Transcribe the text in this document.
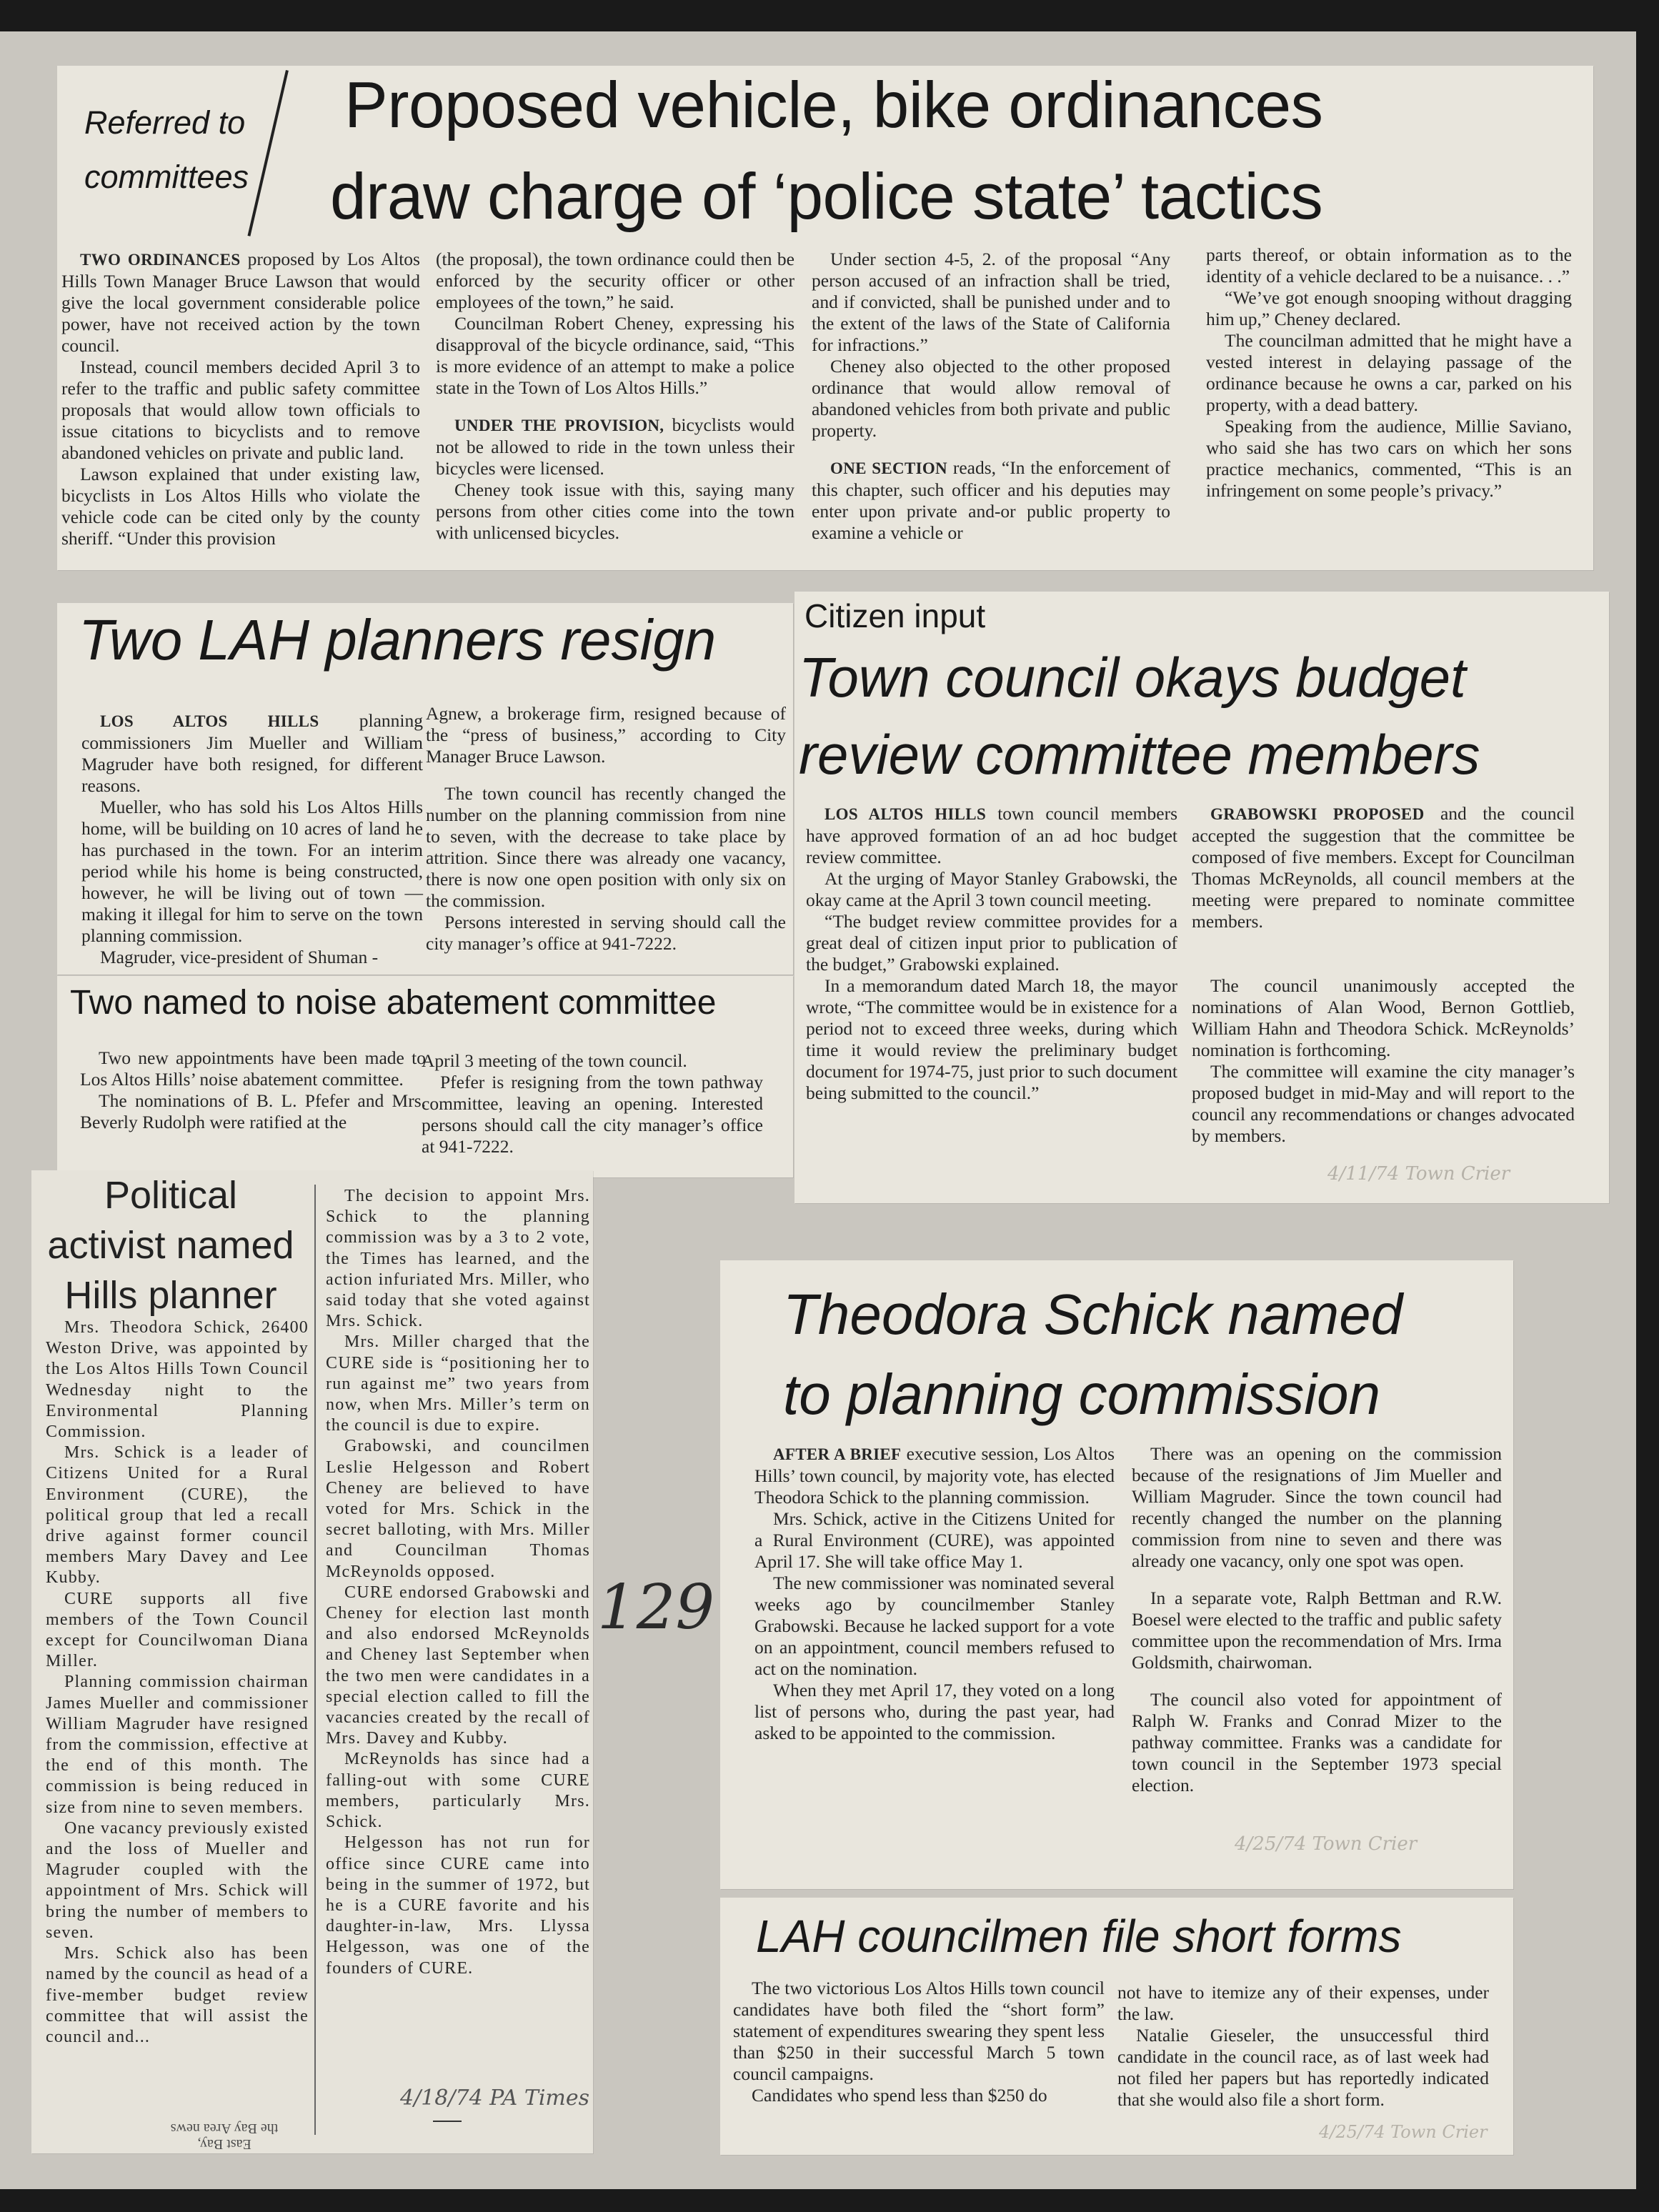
Referred to
committees
Proposed vehicle, bike ordinances
draw charge of ‘police state’ tactics

TWO ORDINANCES proposed by Los Altos Hills Town Manager Bruce Lawson that would give the local government considerable police power, have not received action by the town council.

Instead, council members decided April 3 to refer to the traffic and public safety committee proposals that would allow town officials to issue citations to bicyclists and to remove abandoned vehicles on private and public land.

Lawson explained that under existing law, bicyclists in Los Altos Hills who violate the vehicle code can be cited only by the county sheriff. “Under this provision

(the proposal), the town ordinance could then be enforced by the security officer or other employees of the town,” he said.

Councilman Robert Cheney, expressing his disapproval of the bicycle ordinance, said, “This is more evidence of an attempt to make a police state in the Town of Los Altos Hills.”

UNDER THE PROVISION, bicyclists would not be allowed to ride in the town unless their bicycles were licensed.

Cheney took issue with this, saying many persons from other cities come into the town with unlicensed bicycles.

Under section 4-5, 2. of the proposal “Any person accused of an infraction shall be tried, and if convicted, shall be punished under and to the extent of the laws of the State of California for infractions.”

Cheney also objected to the other proposed ordinance that would allow removal of abandoned vehicles from both private and public property.

ONE SECTION reads, “In the enforcement of this chapter, such officer and his deputies may enter upon private and-or public property to examine a vehicle or

parts thereof, or obtain information as to the identity of a vehicle declared to be a nuisance. . .”

“We’ve got enough snooping without dragging him up,” Cheney declared.

The councilman admitted that he might have a vested interest in delaying passage of the ordinance because he owns a car, parked on his property, with a dead battery.

Speaking from the audience, Millie Saviano, who said she has two cars on which her sons practice mechanics, commented, “This is an infringement on some people’s privacy.”

Two LAH planners resign

LOS ALTOS HILLS planning commissioners Jim Mueller and William Magruder have both resigned, for different reasons.

Mueller, who has sold his Los Altos Hills home, will be building on 10 acres of land he has purchased in the town. For an interim period while his home is being constructed, however, he will be living out of town — making it illegal for him to serve on the town planning commission.

Magruder, vice-president of Shuman -

Agnew, a brokerage firm, resigned because of the “press of business,” according to City Manager Bruce Lawson.

The town council has recently changed the number on the planning commission from nine to seven, with the decrease to take place by attrition. Since there was already one vacancy, there is now one open position with only six on the commission.

Persons interested in serving should call the city manager’s office at 941-7222.

Citizen input
Town council okays budget
review committee members

LOS ALTOS HILLS town council members have approved formation of an ad hoc budget review committee.

At the urging of Mayor Stanley Grabowski, the okay came at the April 3 town council meeting.

“The budget review committee provides for a great deal of citizen input prior to publication of the budget,” Grabowski explained.

In a memorandum dated March 18, the mayor wrote, “The committee would be in existence for a period not to exceed three weeks, during which time it would review the preliminary budget document for 1974-75, just prior to such document being submitted to the council.”

GRABOWSKI PROPOSED and the council accepted the suggestion that the committee be composed of five members. Except for Councilman Thomas McReynolds, all council members at the meeting were prepared to nominate committee members.

The council unanimously accepted the nominations of Alan Wood, Bernon Gottlieb, William Hahn and Theodora Schick. McReynolds’ nomination is forthcoming.

The committee will examine the city manager’s proposed budget in mid-May and will report to the council any recommendations or changes advocated by members.

4/11/74 Town Crier
Two named to noise abatement committee

Two new appointments have been made to Los Altos Hills’ noise abatement committee.

The nominations of B. L. Pfefer and Mrs. Beverly Rudolph were ratified at the

April 3 meeting of the town council.

Pfefer is resigning from the town pathway committee, leaving an opening. Interested persons should call the city manager’s office at 941-7222.

Political
activist named
Hills planner

Mrs. Theodora Schick, 26400 Weston Drive, was appointed by the Los Altos Hills Town Council Wednesday night to the Environmental Planning Commission.

Mrs. Schick is a leader of Citizens United for a Rural Environment (CURE), the political group that led a recall drive against former council members Mary Davey and Lee Kubby.

CURE supports all five members of the Town Council except for Councilwoman Diana Miller.

Planning commission chairman James Mueller and commissioner William Magruder have resigned from the commission, effective at the end of this month. The commission is being reduced in size from nine to seven members.

One vacancy previously existed and the loss of Mueller and Magruder coupled with the appointment of Mrs. Schick will bring the number of members to seven.

Mrs. Schick also has been named by the council as head of a five-member budget review committee that will assist the council and...

The decision to appoint Mrs. Schick to the planning commission was by a 3 to 2 vote, the Times has learned, and the action infuriated Mrs. Miller, who said today that she voted against Mrs. Schick.

Mrs. Miller charged that the CURE side is “positioning her to run against me” two years from now, when Mrs. Miller’s term on the council is due to expire.

Grabowski, and councilmen Leslie Helgesson and Robert Cheney are believed to have voted for Mrs. Schick in the secret balloting, with Mrs. Miller and Councilman Thomas McReynolds opposed.

CURE endorsed Grabowski and Cheney for election last month and also endorsed McReynolds and Cheney last September when the two men were candidates in a special election called to fill the vacancies created by the recall of Mrs. Davey and Kubby.

McReynolds has since had a falling-out with some CURE members, particularly Mrs. Schick.

Helgesson has not run for office since CURE came into being in the summer of 1972, but he is a CURE favorite and his daughter-in-law, Mrs. Llyssa Helgesson, was one of the founders of CURE.

4/18/74 PA Times
East Bay,
the Bay Area news
129
Theodora Schick named
to planning commission

AFTER A BRIEF executive session, Los Altos Hills’ town council, by majority vote, has elected Theodora Schick to the planning commission.

Mrs. Schick, active in the Citizens United for a Rural Environment (CURE), was appointed April 17. She will take office May 1.

The new commissioner was nominated several weeks ago by councilmember Stanley Grabowski. Because he lacked support for a vote on an appointment, council members refused to act on the nomination.

When they met April 17, they voted on a long list of persons who, during the past year, had asked to be appointed to the commission.

There was an opening on the commission because of the resignations of Jim Mueller and William Magruder. Since the town council had recently changed the number on the planning commission from nine to seven and there was already one vacancy, only one spot was open.

In a separate vote, Ralph Bettman and R.W. Boesel were elected to the traffic and public safety committee upon the recommendation of Mrs. Irma Goldsmith, chairwoman.

The council also voted for appointment of Ralph W. Franks and Conrad Mizer to the pathway committee. Franks was a candidate for town council in the September 1973 special election.

4/25/74 Town Crier
LAH councilmen file short forms

The two victorious Los Altos Hills town council candidates have both filed the “short form” statement of expenditures swearing they spent less than $250 in their successful March 5 town council campaigns.

Candidates who spend less than $250 do

not have to itemize any of their expenses, under the law.

Natalie Gieseler, the unsuccessful third candidate in the council race, as of last week had not filed her papers but has reportedly indicated that she would also file a short form.

4/25/74 Town Crier
